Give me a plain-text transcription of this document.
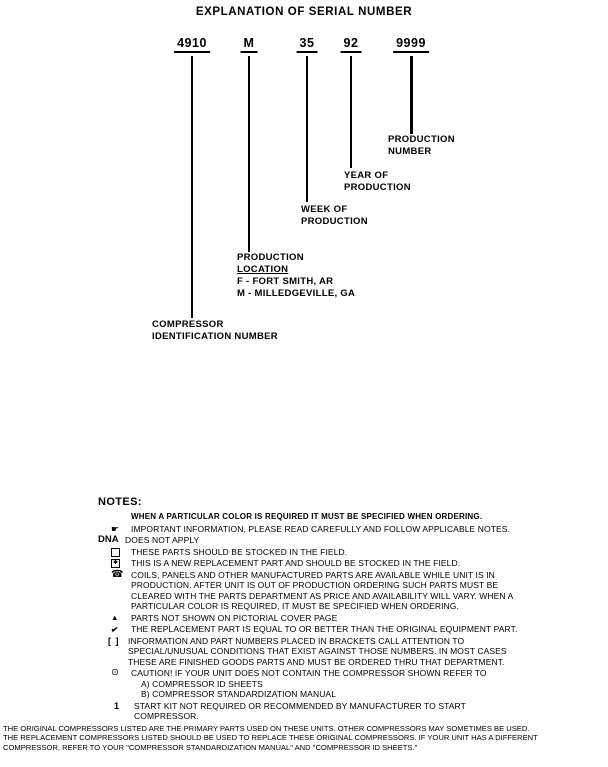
EXPLANATION OF SERIAL NUMBER
4910	M	35 92	9999
PRODUCTION
NUMBER
YEAR OF
PRODUCTION
WEEK OF
PRODUCTION
PRODUCTION
LOCATION
F - FORT SMITH, AR
M - MILLEDGEVILLE, GA
COMPRESSOR
IDENTIFICATION NUMBER
NOTES:
WHEN A PARTICULAR COLOR IS REQUIRED IT MUST BE SPECIFIED WHEN ORDERING.
☛	IMPORTANT INFORMATION, PLEASE READ CAREFULLY AND FOLLOW APPLICABLE NOTES.
DNA DOES NOT APPLY
THESE PARTS SHOULD BE STOCKED IN THE FIELD.
✱	THIS IS A NEW REPLACEMENT PART AND SHOULD BE STOCKED IN THE FIELD.
☎ COILS, PANELS AND OTHER MANUFACTURED PARTS ARE AVAILABLE WHILE UNIT IS IN PRODUCTION. AFTER UNIT IS OUT OF PRODUCTION ORDERING SUCH PARTS MUST BE CLEARED WITH THE PARTS DEPARTMENT AS PRICE AND AVAILABILITY WILL VARY. WHEN A PARTICULAR COLOR IS REQUIRED, IT MUST BE SPECIFIED WHEN ORDERING.
▲	PARTS NOT SHOWN ON PICTORIAL COVER PAGE
✔	THE REPLACEMENT PART IS EQUAL TO OR BETTER THAN THE ORIGINAL EQUIPMENT PART.
[ ]	INFORMATION AND PART NUMBERS PLACED IN BRACKETS CALL ATTENTION TO SPECIAL/UNUSUAL CONDITIONS THAT EXIST AGAINST THOSE NUMBERS. IN MOST CASES THESE ARE FINISHED GOODS PARTS AND MUST BE ORDERED THRU THAT DEPARTMENT.
⊙	CAUTION! IF YOUR UNIT DOES NOT CONTAIN THE COMPRESSOR SHOWN REFER TO
A) COMPRESSOR ID SHEETS
B) COMPRESSOR STANDARDIZATION MANUAL
1	START KIT NOT REQUIRED OR RECOMMENDED BY MANUFACTURER TO START COMPRESSOR.
THE ORIGINAL COMPRESSORS LISTED ARE THE PRIMARY PARTS USED ON THESE UNITS. OTHER COMPRESSORS MAY SOMETIMES BE USED.
THE REPLACEMENT COMPRESSORS LISTED SHOULD BE USED TO REPLACE THESE ORIGINAL COMPRESSORS. IF YOUR UNIT HAS A DIFFERENT
COMPRESSOR, REFER TO YOUR "COMPRESSOR STANDARDIZATION MANUAL" AND "COMPRESSOR ID SHEETS."
